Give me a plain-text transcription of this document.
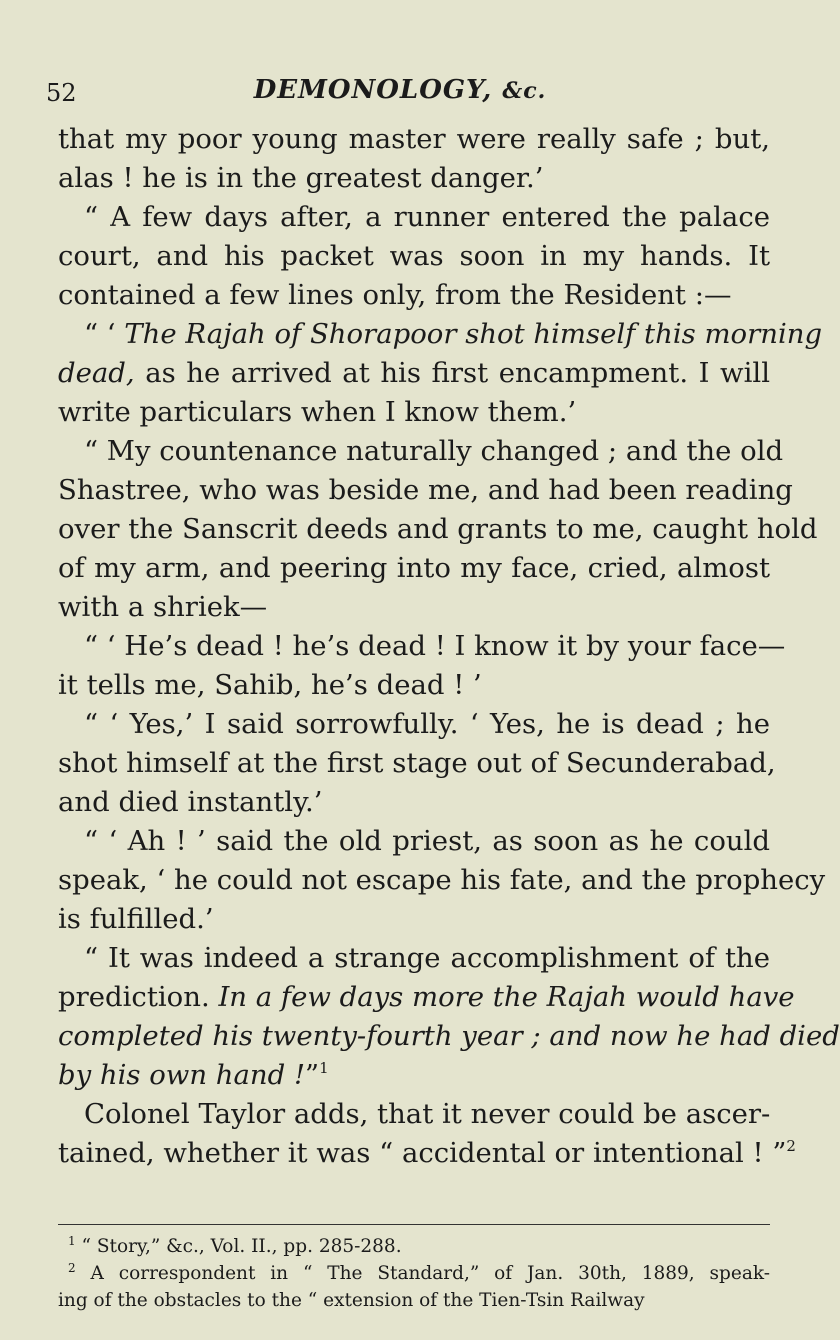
52	DEMONOLOGY, &c.
that my poor young master were really safe ; but,
alas ! he is in the greatest danger.’
“ A few days after, a runner entered the palace
court, and his packet was soon in my hands. It
contained a few lines only, from the Resident :—
“ ‘ The Rajah of Shorapoor shot himself this morning
dead, as he arrived at his first encampment. I will
write particulars when I know them.’
“ My countenance naturally changed ; and the old
Shastree, who was beside me, and had been reading
over the Sanscrit deeds and grants to me, caught hold
of my arm, and peering into my face, cried, almost
with a shriek—
“ ‘ He’s dead ! he’s dead ! I know it by your face—
it tells me, Sahib, he’s dead ! ’
“ ‘ Yes,’ I said sorrowfully. ‘ Yes, he is dead ; he
shot himself at the first stage out of Secunderabad,
and died instantly.’
“ ‘ Ah ! ’ said the old priest, as soon as he could
speak, ‘ he could not escape his fate, and the prophecy
is fulfilled.’
“ It was indeed a strange accomplishment of the
prediction. In a few days more the Rajah would have
completed his twenty-fourth year ; and now he had died
by his own hand !”$^1$
Colonel Taylor adds, that it never could be ascer-
tained, whether it was “ accidental or intentional ! ”$^2$
$^1$ “ Story,” &c., Vol. II., pp. 285-288.
$^2$ A correspondent in “ The Standard,” of Jan. 30th, 1889, speak-
ing of the obstacles to the “ extension of the Tien-Tsin Railway
